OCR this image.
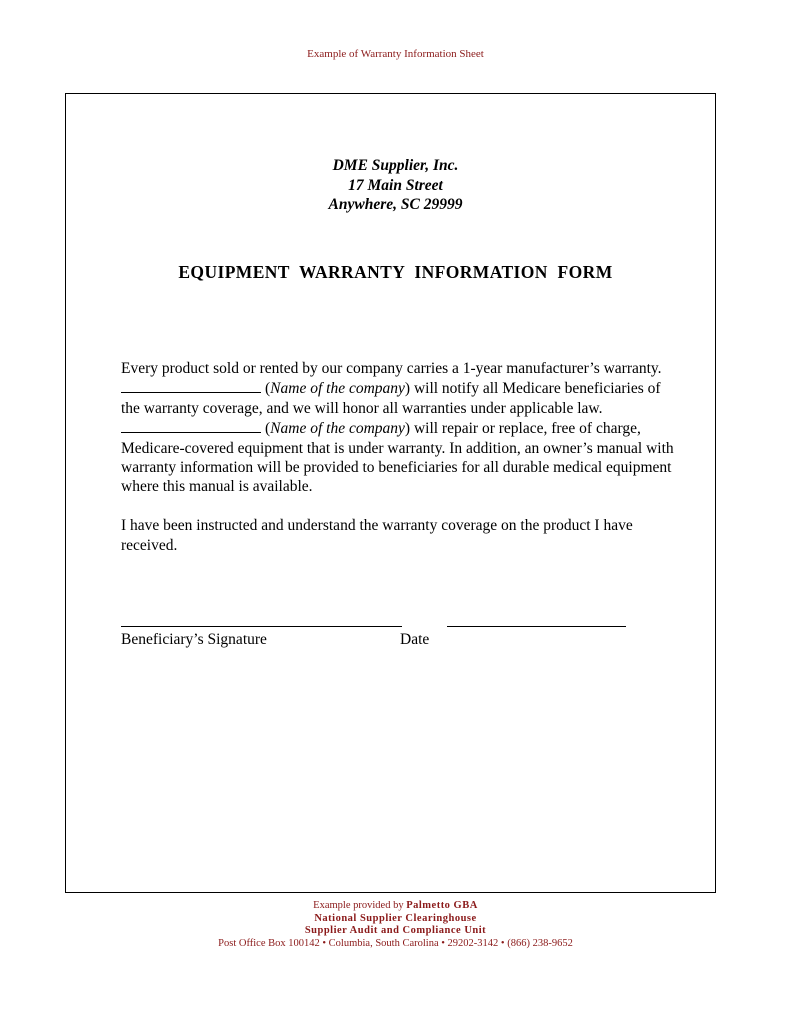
Example of Warranty Information Sheet
DME Supplier, Inc.
17 Main Street
Anywhere, SC 29999
EQUIPMENT WARRANTY INFORMATION FORM
Every product sold or rented by our company carries a 1-year manufacturer’s warranty.
(Name of the company) will notify all Medicare beneficiaries of
the warranty coverage, and we will honor all warranties under applicable law.
(Name of the company) will repair or replace, free of charge,
Medicare-covered equipment that is under warranty. In addition, an owner’s manual with
warranty information will be provided to beneficiaries for all durable medical equipment
where this manual is available.
I have been instructed and understand the warranty coverage on the product I have
received.
Beneficiary’s Signature	Date
Example provided by Palmetto GBA
National Supplier Clearinghouse
Supplier Audit and Compliance Unit
Post Office Box 100142 • Columbia, South Carolina • 29202-3142 • (866) 238-9652
